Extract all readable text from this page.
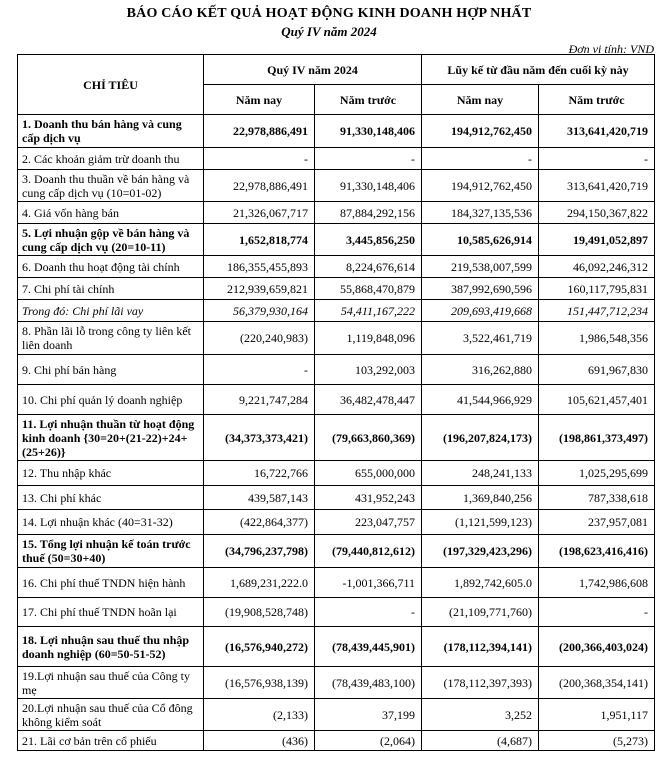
BÁO CÁO KẾT QUẢ HOẠT ĐỘNG KINH DOANH HỢP NHẤT
Quý IV năm 2024
Đơn vị tính: VND
CHỈ TIÊU	Quý IV năm 2024		Lũy kế từ đầu năm đến cuối kỳ này	
	Năm nay	Năm trước	Năm nay	Năm trước
1. Doanh thu bán hàng và cung cấp dịch vụ	22,978,886,491	91,330,148,406	194,912,762,450	313,641,420,719
2. Các khoản giảm trừ doanh thu	-	-	-	-
3. Doanh thu thuần về bán hàng và cung cấp dịch vụ (10=01-02)	22,978,886,491	91,330,148,406	194,912,762,450	313,641,420,719
4. Giá vốn hàng bán	21,326,067,717	87,884,292,156	184,327,135,536	294,150,367,822
5. Lợi nhuận gộp về bán hàng và cung cấp dịch vụ (20=10-11)	1,652,818,774	3,445,856,250	10,585,626,914	19,491,052,897
6. Doanh thu hoạt động tài chính	186,355,455,893	8,224,676,614	219,538,007,599	46,092,246,312
7. Chi phí tài chính	212,939,659,821	55,868,470,879	387,992,690,596	160,117,795,831
Trong đó: Chi phí lãi vay	56,379,930,164	54,411,167,222	209,693,419,668	151,447,712,234
8. Phần lãi lỗ trong công ty liên kết liên doanh	(220,240,983)	1,119,848,096	3,522,461,719	1,986,548,356
9. Chi phí bán hàng	-	103,292,003	316,262,880	691,967,830
10. Chi phí quản lý doanh nghiệp	9,221,747,284	36,482,478,447	41,544,966,929	105,621,457,401
11. Lợi nhuận thuần từ hoạt động kinh doanh {30=20+(21-22)+24+(25+26)}	(34,373,373,421)	(79,663,860,369)	(196,207,824,173)	(198,861,373,497)
12. Thu nhập khác	16,722,766	655,000,000	248,241,133	1,025,295,699
13. Chi phí khác	439,587,143	431,952,243	1,369,840,256	787,338,618
14. Lợi nhuận khác (40=31-32)	(422,864,377)	223,047,757	(1,121,599,123)	237,957,081
15. Tổng lợi nhuận kế toán trước thuế (50=30+40)	(34,796,237,798)	(79,440,812,612)	(197,329,423,296)	(198,623,416,416)
16. Chi phí thuế TNDN hiện hành	1,689,231,222.0	-1,001,366,711	1,892,742,605.0	1,742,986,608
17. Chi phí thuế TNDN hoãn lại	(19,908,528,748)	-	(21,109,771,760)	-
18. Lợi nhuận sau thuế thu nhập doanh nghiệp (60=50-51-52)	(16,576,940,272)	(78,439,445,901)	(178,112,394,141)	(200,366,403,024)
19.Lợi nhuận sau thuế của Công ty mẹ	(16,576,938,139)	(78,439,483,100)	(178,112,397,393)	(200,368,354,141)
20.Lợi nhuận sau thuế của Cổ đông không kiểm soát	(2,133)	37,199	3,252	1,951,117
21. Lãi cơ bản trên cổ phiếu	(436)	(2,064)	(4,687)	(5,273)
